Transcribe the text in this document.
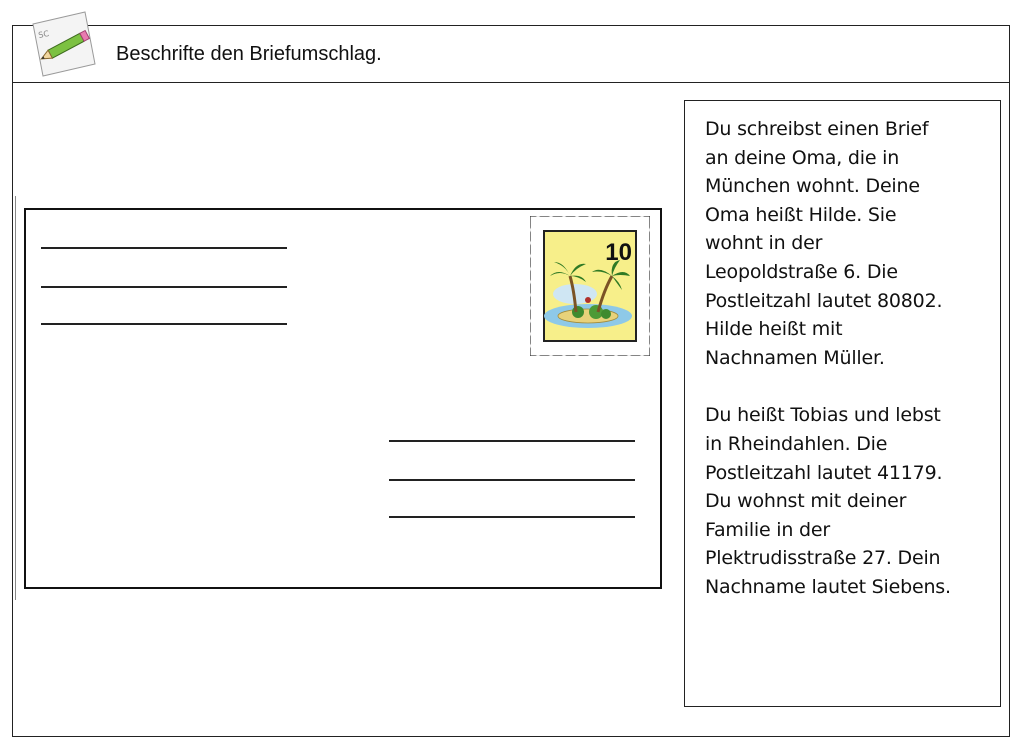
SC
Beschrifte den Briefumschlag.
10

Du schreibst einen Brief
an deine Oma, die in
München wohnt. Deine
Oma heißt Hilde. Sie
wohnt in der
Leopoldstraße 6. Die
Postleitzahl lautet 80802.
Hilde heißt mit
Nachnamen Müller.

Du heißt Tobias und lebst
in Rheindahlen. Die
Postleitzahl lautet 41179.
Du wohnst mit deiner
Familie in der
Plektrudisstraße 27. Dein
Nachname lautet Siebens.
